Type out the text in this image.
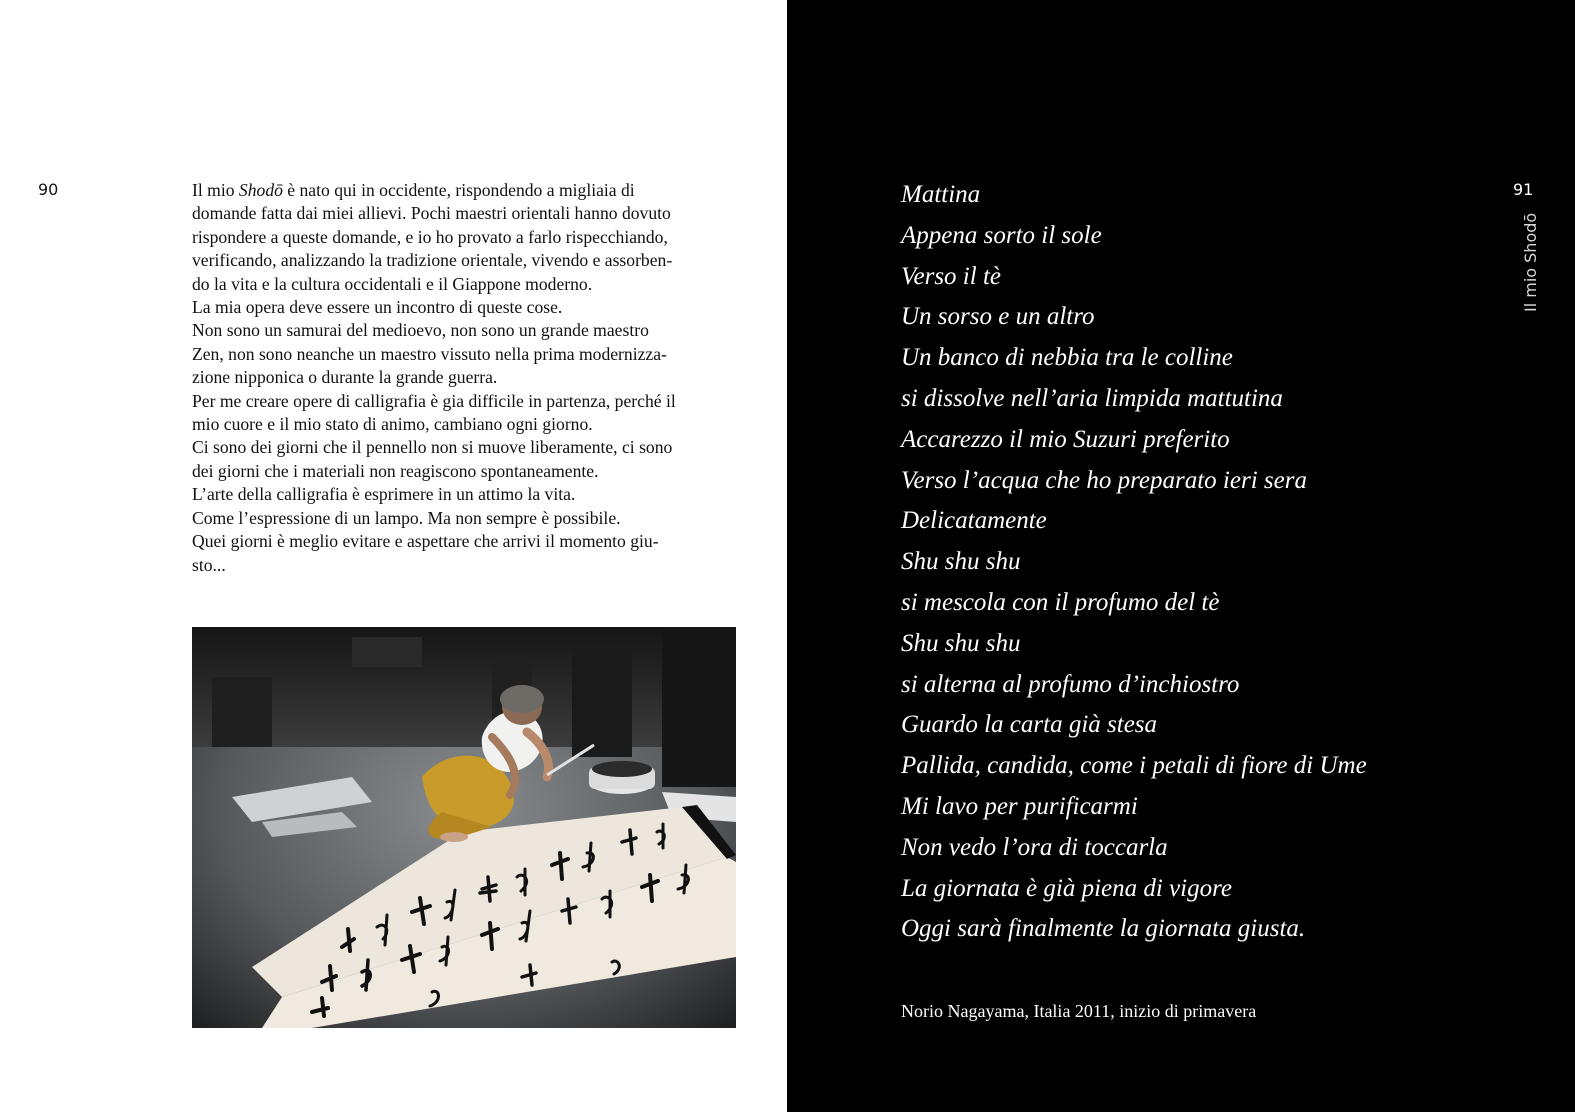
90	Il mio Shodō è nato qui in occidente, rispondendo a migliaia di
domande fatta dai miei allievi. Pochi maestri orientali hanno dovuto
rispondere a queste domande, e io ho provato a farlo rispecchiando,
verificando, analizzando la tradizione orientale, vivendo e assorben-
do la vita e la cultura occidentali e il Giappone moderno.
La mia opera deve essere un incontro di queste cose.
Non sono un samurai del medioevo, non sono un grande maestro
Zen, non sono neanche un maestro vissuto nella prima modernizza-
zione nipponica o durante la grande guerra.
Per me creare opere di calligrafia è gia difficile in partenza, perché il
mio cuore e il mio stato di animo, cambiano ogni giorno.
Ci sono dei giorni che il pennello non si muove liberamente, ci sono
dei giorni che i materiali non reagiscono spontaneamente.
L’arte della calligrafia è esprimere in un attimo la vita.
Come l’espressione di un lampo. Ma non sempre è possibile.
Quei giorni è meglio evitare e aspettare che arrivi il momento giu-
sto...
Mattina
Appena sorto il sole
Verso il tè
Un sorso e un altro
Un banco di nebbia tra le colline
si dissolve nell’aria limpida mattutina
Accarezzo il mio Suzuri preferito
Verso l’acqua che ho preparato ieri sera
Delicatamente
Shu shu shu
si mescola con il profumo del tè
Shu shu shu
si alterna al profumo d’inchiostro
Guardo la carta già stesa
Pallida, candida, come i petali di fiore di Ume
Mi lavo per purificarmi
Non vedo l’ora di toccarla
La giornata è già piena di vigore
Oggi sarà finalmente la giornata giusta.
Norio Nagayama, Italia 2011, inizio di primavera
91
Il mio Shodō
